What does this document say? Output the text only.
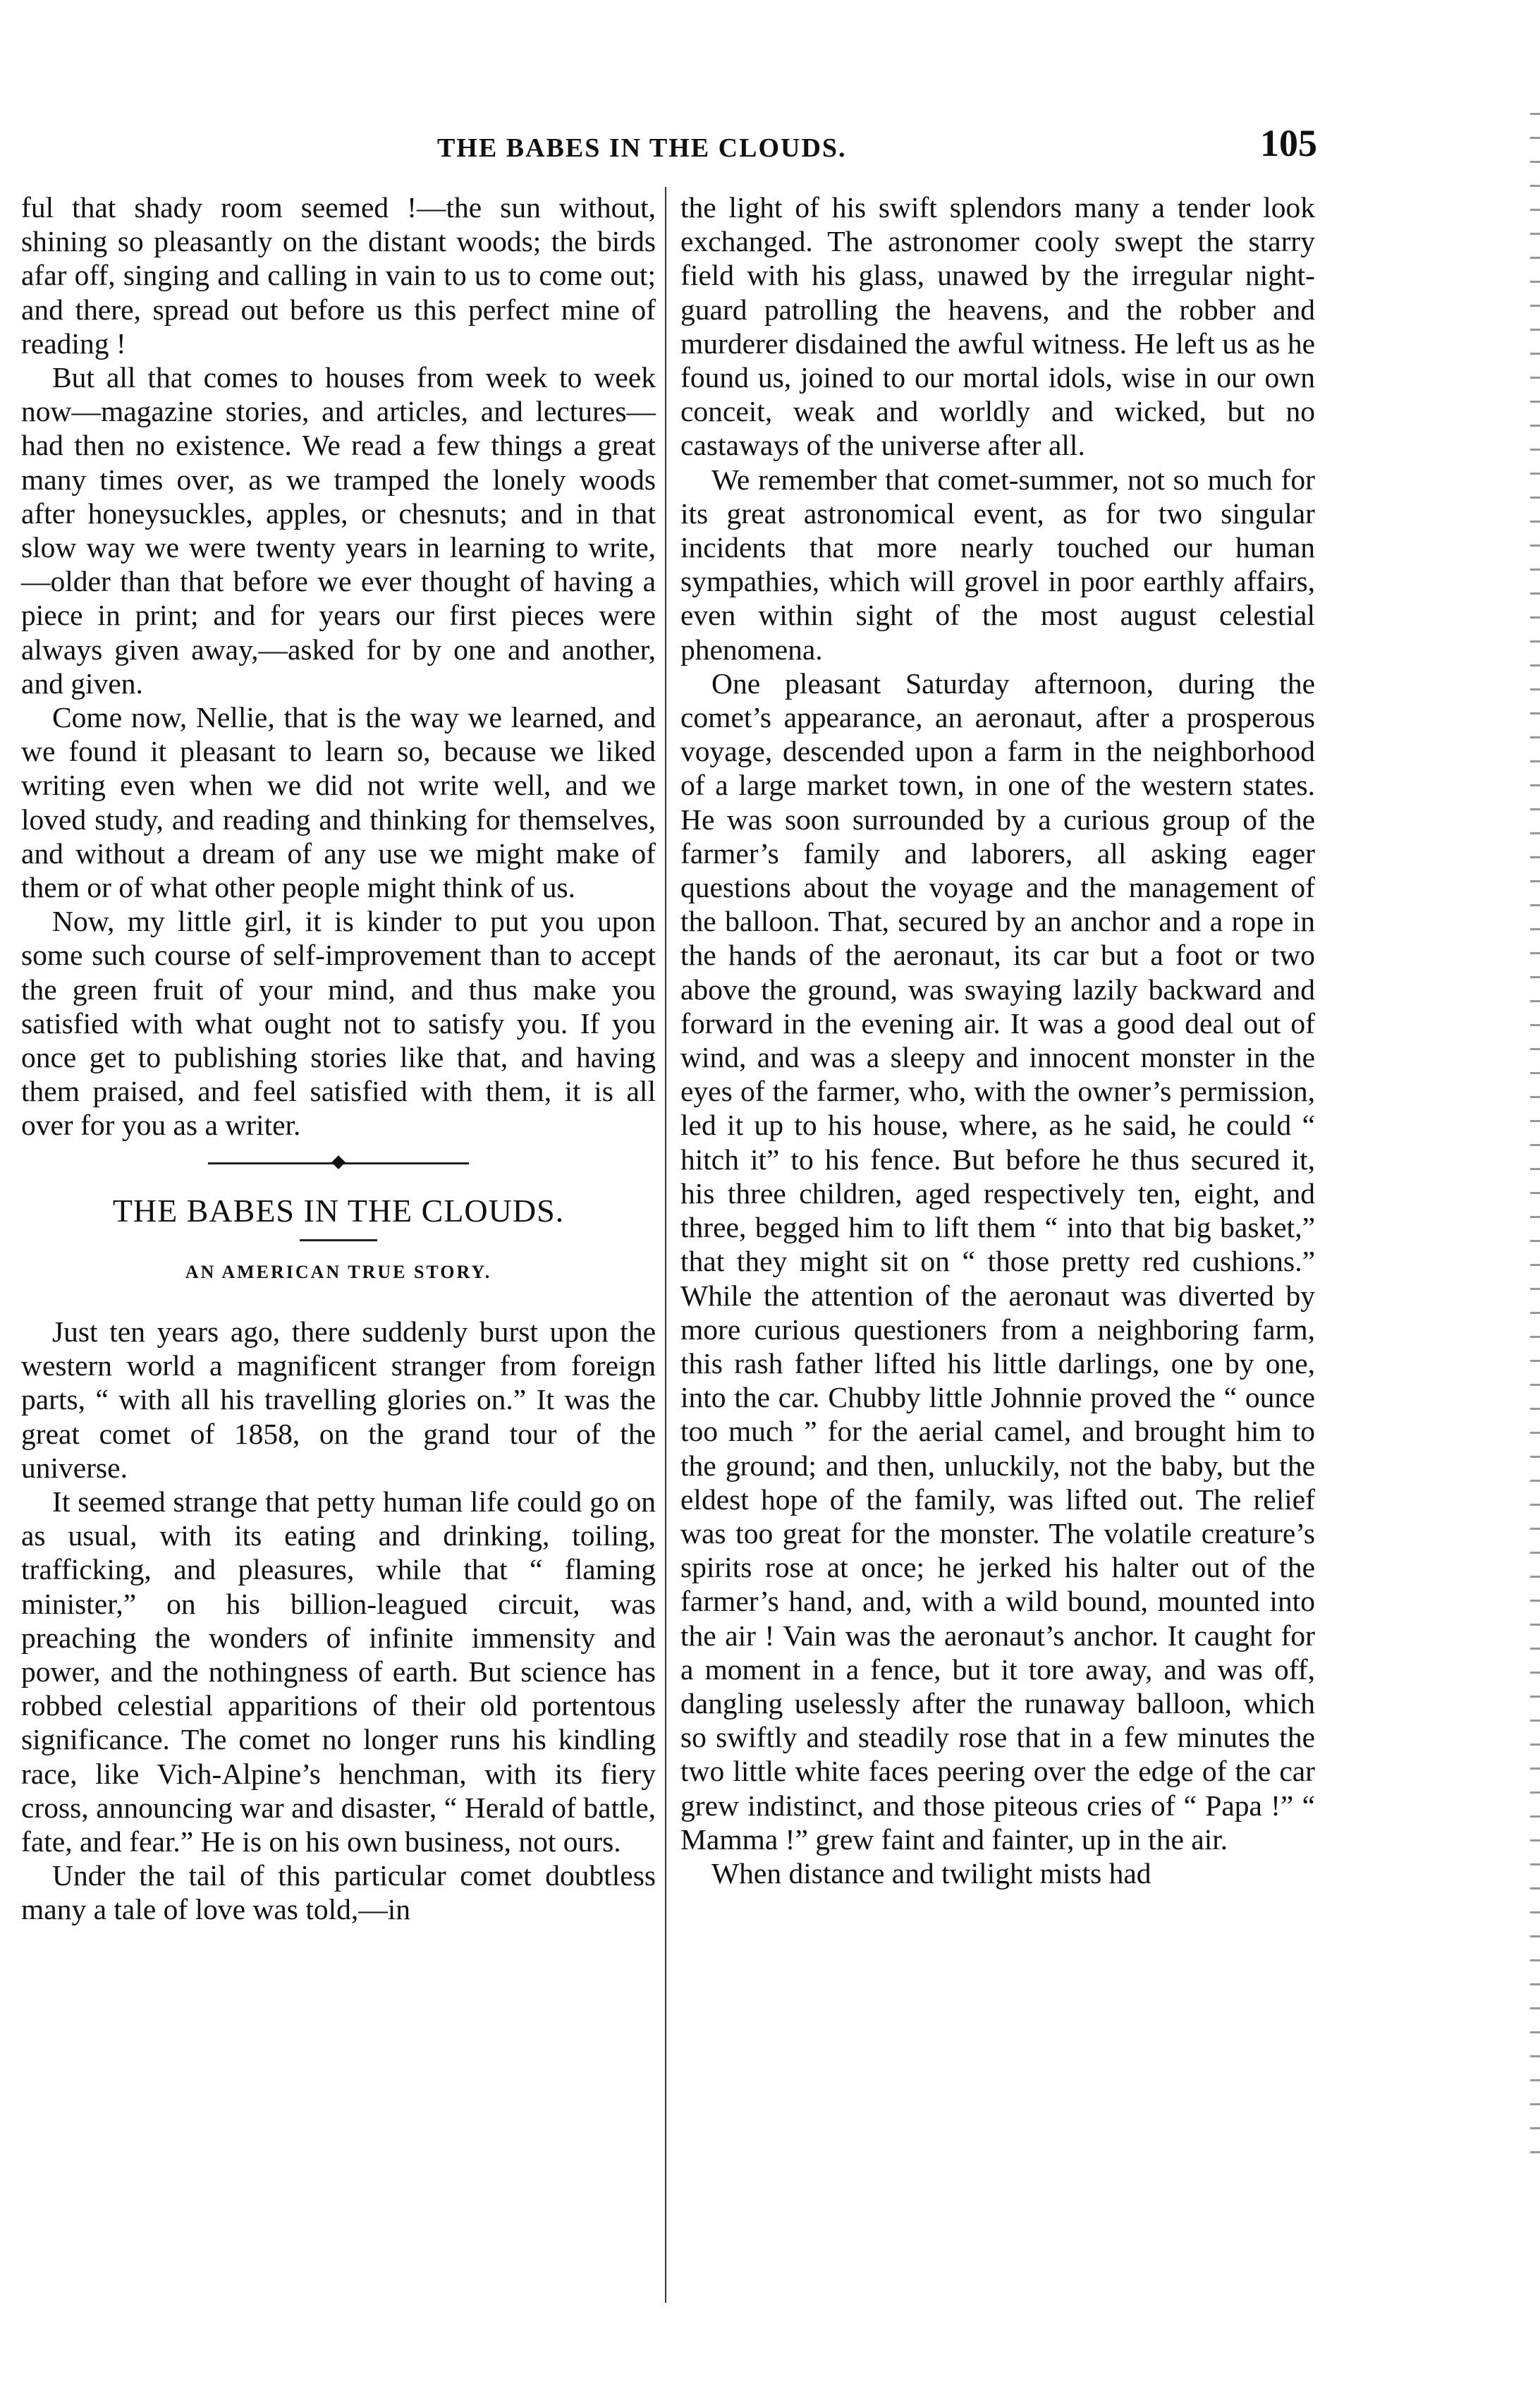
THE BABES IN THE CLOUDS.	105

ful that shady room seemed !—the sun without, shining so pleasantly on the distant woods; the birds afar off, singing and calling in vain to us to come out; and there, spread out before us this perfect mine of reading !

But all that comes to houses from week to week now—magazine stories, and articles, and lectures—had then no existence. We read a few things a great many times over, as we tramped the lonely woods after honeysuckles, apples, or chesnuts; and in that slow way we were twenty years in learning to write,—older than that before we ever thought of having a piece in print; and for years our first pieces were always given away,—asked for by one and another, and given.

Come now, Nellie, that is the way we learned, and we found it pleasant to learn so, because we liked writing even when we did not write well, and we loved study, and reading and thinking for themselves, and without a dream of any use we might make of them or of what other people might think of us.

Now, my little girl, it is kinder to put you upon some such course of self-improvement than to accept the green fruit of your mind, and thus make you satisfied with what ought not to satisfy you. If you once get to publishing stories like that, and having them praised, and feel satisfied with them, it is all over for you as a writer.

THE BABES IN THE CLOUDS.
AN AMERICAN TRUE STORY.

Just ten years ago, there suddenly burst upon the western world a magnificent stranger from foreign parts, “ with all his travelling glories on.” It was the great comet of 1858, on the grand tour of the universe.

It seemed strange that petty human life could go on as usual, with its eating and drinking, toiling, trafficking, and pleasures, while that “ flaming minister,” on his billion-leagued circuit, was preaching the wonders of infinite immensity and power, and the nothingness of earth. But science has robbed celestial apparitions of their old portentous significance. The comet no longer runs his kindling race, like Vich-Alpine’s henchman, with its fiery cross, announcing war and disaster, “ Herald of battle, fate, and fear.” He is on his own business, not ours.

Under the tail of this particular comet doubtless many a tale of love was told,—in

the light of his swift splendors many a tender look exchanged. The astronomer cooly swept the starry field with his glass, unawed by the irregular night-guard patrolling the heavens, and the robber and murderer disdained the awful witness. He left us as he found us, joined to our mortal idols, wise in our own conceit, weak and worldly and wicked, but no castaways of the universe after all.

We remember that comet-summer, not so much for its great astronomical event, as for two singular incidents that more nearly touched our human sympathies, which will grovel in poor earthly affairs, even within sight of the most august celestial phenomena.

One pleasant Saturday afternoon, during the comet’s appearance, an aeronaut, after a prosperous voyage, descended upon a farm in the neighborhood of a large market town, in one of the western states. He was soon surrounded by a curious group of the farmer’s family and laborers, all asking eager questions about the voyage and the management of the balloon. That, secured by an anchor and a rope in the hands of the aeronaut, its car but a foot or two above the ground, was swaying lazily backward and forward in the evening air. It was a good deal out of wind, and was a sleepy and innocent monster in the eyes of the farmer, who, with the owner’s permission, led it up to his house, where, as he said, he could “ hitch it” to his fence. But before he thus secured it, his three children, aged respectively ten, eight, and three, begged him to lift them “ into that big basket,” that they might sit on “ those pretty red cushions.” While the attention of the aeronaut was diverted by more curious questioners from a neighboring farm, this rash father lifted his little darlings, one by one, into the car. Chubby little Johnnie proved the “ ounce too much ” for the aerial camel, and brought him to the ground; and then, unluckily, not the baby, but the eldest hope of the family, was lifted out. The relief was too great for the monster. The volatile creature’s spirits rose at once; he jerked his halter out of the farmer’s hand, and, with a wild bound, mounted into the air ! Vain was the aeronaut’s anchor. It caught for a moment in a fence, but it tore away, and was off, dangling uselessly after the runaway balloon, which so swiftly and steadily rose that in a few minutes the two little white faces peering over the edge of the car grew indistinct, and those piteous cries of “ Papa !” “ Mamma !” grew faint and fainter, up in the air.

When distance and twilight mists had
